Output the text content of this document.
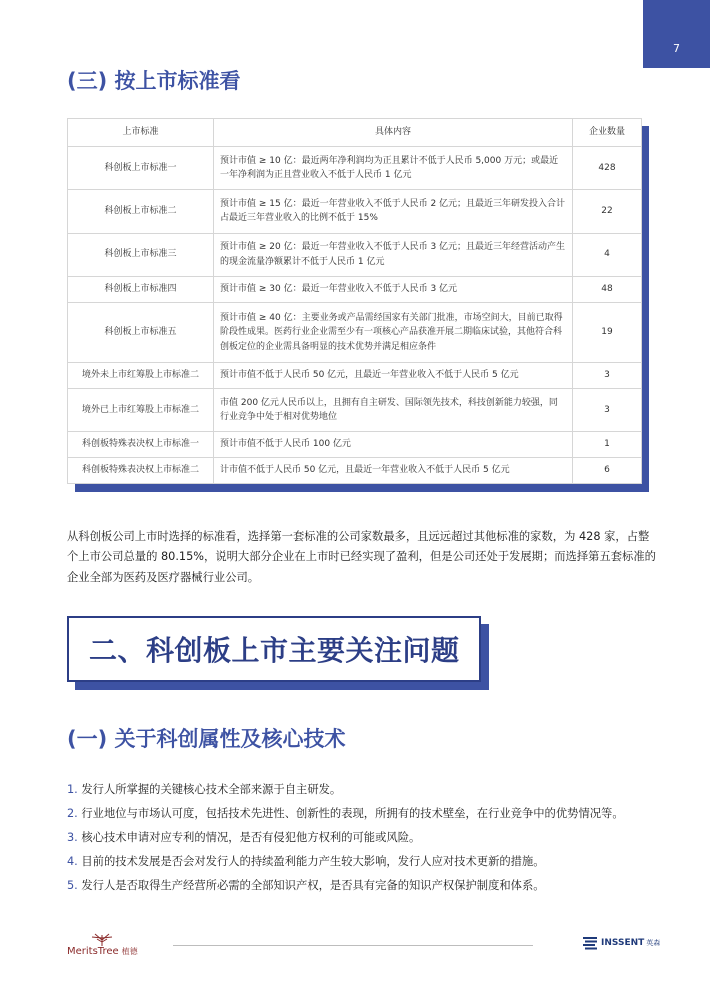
7
(三) 按上市标准看
上市标准	具体内容	企业数量
科创板上市标准一	预计市值 ≥ 10 亿：最近两年净利润均为正且累计不低于人民币 5,000 万元；或最近一年净利润为正且营业收入不低于人民币 1 亿元	428
科创板上市标准二	预计市值 ≥ 15 亿：最近一年营业收入不低于人民币 2 亿元；且最近三年研发投入合计占最近三年营业收入的比例不低于 15%	22
科创板上市标准三	预计市值 ≥ 20 亿：最近一年营业收入不低于人民币 3 亿元；且最近三年经营活动产生的现金流量净额累计不低于人民币 1 亿元	4
科创板上市标准四	预计市值 ≥ 30 亿：最近一年营业收入不低于人民币 3 亿元	48
科创板上市标准五	预计市值 ≥ 40 亿：主要业务或产品需经国家有关部门批准，市场空间大，目前已取得阶段性成果。医药行业企业需至少有一项核心产品获准开展二期临床试验，其他符合科创板定位的企业需具备明显的技术优势并满足相应条件	19
境外未上市红筹股上市标准二	预计市值不低于人民币 50 亿元，且最近一年营业收入不低于人民币 5 亿元	3
境外已上市红筹股上市标准二	市值 200 亿元人民币以上，且拥有自主研发、国际领先技术，科技创新能力较强，同行业竞争中处于相对优势地位	3
科创板特殊表决权上市标准一	预计市值不低于人民币 100 亿元	1
科创板特殊表决权上市标准二	计市值不低于人民币 50 亿元，且最近一年营业收入不低于人民币 5 亿元	6

从科创板公司上市时选择的标准看，选择第一套标准的公司家数最多，且远远超过其他标准的家数，为 428 家，占整个上市公司总量的 80.15%，说明大部分企业在上市时已经实现了盈利，但是公司还处于发展期；而选择第五套标准的企业全部为医药及医疗器械行业公司。

二、科创板上市主要关注问题
(一) 关于科创属性及核心技术
1. 发行人所掌握的关键核心技术全部来源于自主研发。
2. 行业地位与市场认可度，包括技术先进性、创新性的表现，所拥有的技术壁垒，在行业竞争中的优势情况等。
3. 核心技术申请对应专利的情况，是否有侵犯他方权利的可能或风险。
4. 目前的技术发展是否会对发行人的持续盈利能力产生较大影响，发行人应对技术更新的措施。
5. 发行人是否取得生产经营所必需的全部知识产权，是否具有完备的知识产权保护制度和体系。
MeritsTree 植德
INSSENT 英森
